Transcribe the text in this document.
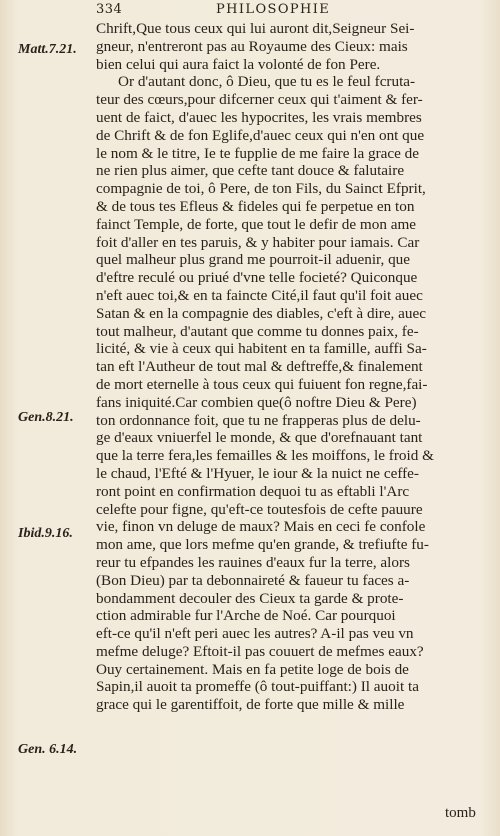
334	PHILOSOPHIE
Matt.7.21.
Gen.8.21.
Ibid.9.16.
Gen. 6.14.
Chrift,Que tous ceux qui lui auront dit,Seigneur Sei-
gneur, n'entreront pas au Royaume des Cieux: mais
bien celui qui aura faict la volonté de fon Pere.
Or d'autant donc, ô Dieu, que tu es le feul fcruta-
teur des cœurs,pour difcerner ceux qui t'aiment & fer-
uent de faict, d'auec les hypocrites, les vrais membres
de Chrift & de fon Eglife,d'auec ceux qui n'en ont que
le nom & le titre, Ie te fupplie de me faire la grace de
ne rien plus aimer, que cefte tant douce & falutaire
compagnie de toi, ô Pere, de ton Fils, du Sainct Efprit,
& de tous tes Efleus & fideles qui fe perpetue en ton
fainct Temple, de forte, que tout le defir de mon ame
foit d'aller en tes paruis, & y habiter pour iamais. Car
quel malheur plus grand me pourroit-il aduenir, que
d'eftre reculé ou priué d'vne telle focieté? Quiconque
n'eft auec toi,& en ta faincte Cité,il faut qu'il foit auec
Satan & en la compagnie des diables, c'eft à dire, auec
tout malheur, d'autant que comme tu donnes paix, fe-
licité, & vie à ceux qui habitent en ta famille, auffi Sa-
tan eft l'Autheur de tout mal & deftreffe,& finalement
de mort eternelle à tous ceux qui fuiuent fon regne,fai-
fans iniquité.Car combien que(ô noftre Dieu & Pere)
ton ordonnance foit, que tu ne frapperas plus de delu-
ge d'eaux vniuerfel le monde, & que d'orefnauant tant
que la terre fera,les femailles & les moiffons, le froid &
le chaud, l'Efté & l'Hyuer, le iour & la nuict ne ceffe-
ront point en confirmation dequoi tu as eftabli l'Arc
celefte pour figne, qu'eft-ce toutesfois de cefte pauure
vie, finon vn deluge de maux? Mais en ceci fe confole
mon ame, que lors mefme qu'en grande, & trefiufte fu-
reur tu efpandes les rauines d'eaux fur la terre, alors
(Bon Dieu) par ta debonnaireté & faueur tu faces a-
bondamment decouler des Cieux ta garde & prote-
ction admirable fur l'Arche de Noé. Car pourquoi
eft-ce qu'il n'eft peri auec les autres? A-il pas veu vn
mefme deluge? Eftoit-il pas couuert de mefmes eaux?
Ouy certainement. Mais en fa petite loge de bois de
Sapin,il auoit ta promeffe (ô tout-puiffant:) Il auoit ta
grace qui le garentiffoit, de forte que mille & mille
tomb
